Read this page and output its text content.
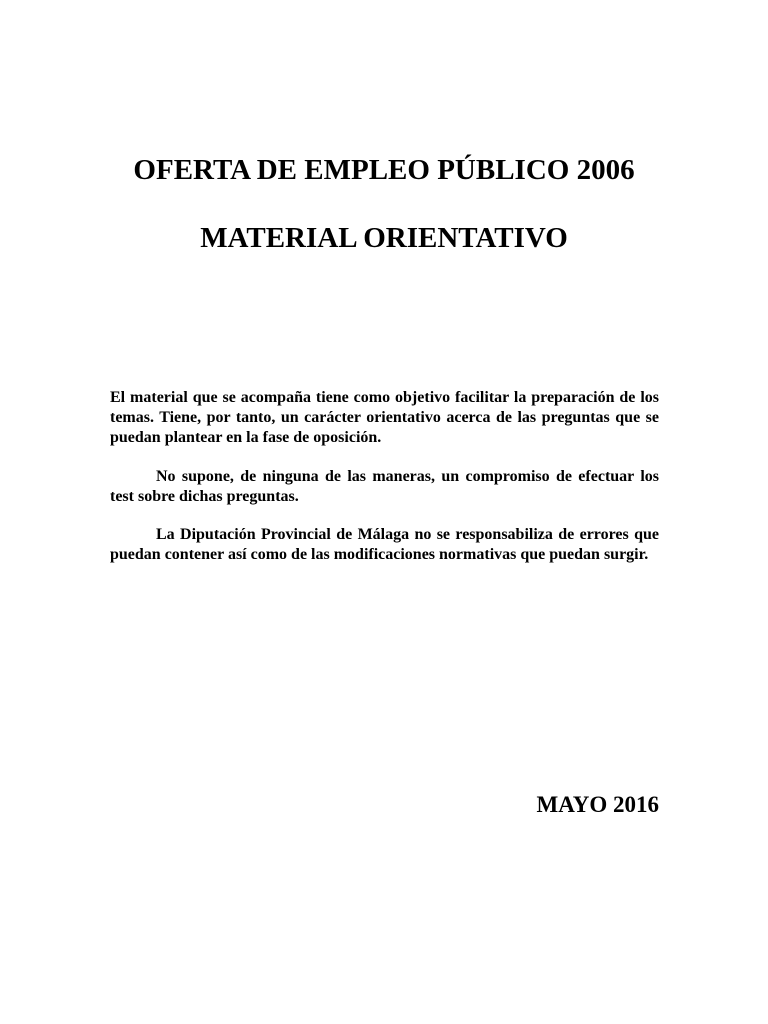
OFERTA DE EMPLEO PÚBLICO 2006
MATERIAL ORIENTATIVO

El material que se acompaña tiene como objetivo facilitar la preparación de los temas. Tiene, por tanto, un carácter orientativo acerca de las preguntas que se puedan plantear en la fase de oposición.

No supone, de ninguna de las maneras, un compromiso de efectuar los test sobre dichas preguntas.

La Diputación Provincial de Málaga no se responsabiliza de errores que puedan contener así como de las modificaciones normativas que puedan surgir.

MAYO 2016
